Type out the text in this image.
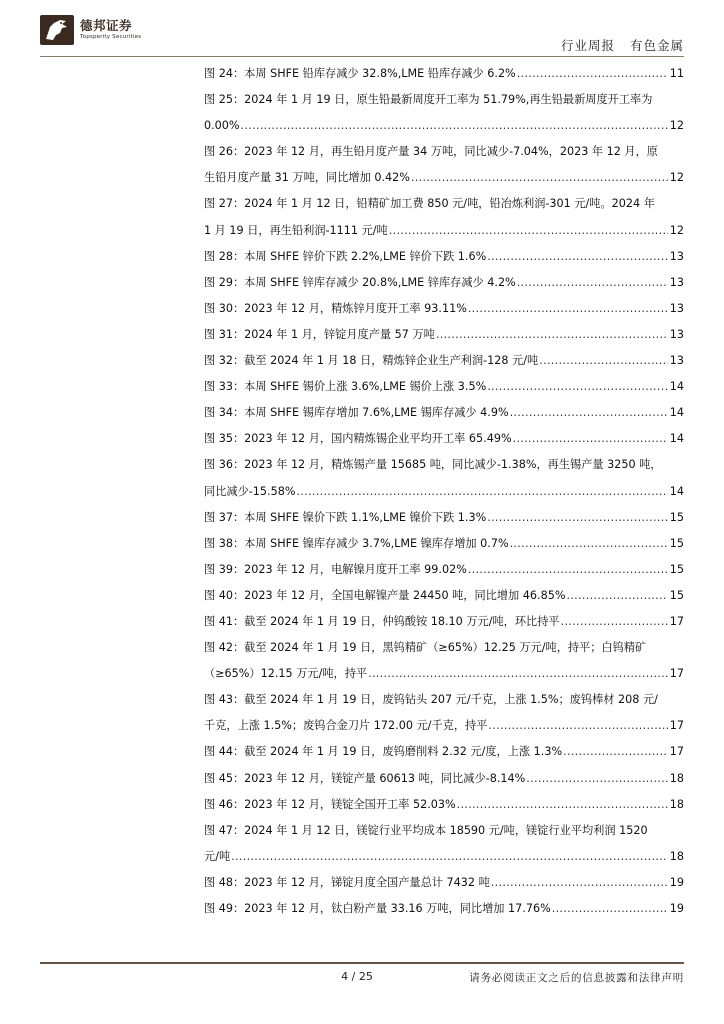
德邦证券
Topsperity Securities
行业周报 有色金属
图 24：本周 SHFE 铅库存减少 32.8%,LME 铅库存减少 6.2% .....	11
图 25：2024 年 1 月 19 日，原生铅最新周度开工率为 51.79%,再生铅最新周度开工率为
0.00% .....	12
图 26：2023 年 12 月，再生铅月度产量 34 万吨，同比减少-7.04%，2023 年 12 月，原
生铅月度产量 31 万吨，同比增加 0.42% .....	12
图 27：2024 年 1 月 12 日，铅精矿加工费 850 元/吨，铅冶炼利润-301 元/吨。2024 年
1 月 19 日，再生铅利润-1111 元/吨 .....	12
图 28：本周 SHFE 锌价下跌 2.2%,LME 锌价下跌 1.6% .....	13
图 29：本周 SHFE 锌库存减少 20.8%,LME 锌库存减少 4.2% .....	13
图 30：2023 年 12 月，精炼锌月度开工率 93.11% .....	13
图 31：2024 年 1 月，锌锭月度产量 57 万吨 .....	13
图 32：截至 2024 年 1 月 18 日，精炼锌企业生产利润-128 元/吨 .....	13
图 33：本周 SHFE 锡价上涨 3.6%,LME 锡价上涨 3.5% .....	14
图 34：本周 SHFE 锡库存增加 7.6%,LME 锡库存减少 4.9% .....	14
图 35：2023 年 12 月，国内精炼锡企业平均开工率 65.49% .....	14
图 36：2023 年 12 月，精炼锡产量 15685 吨，同比减少-1.38%，再生锡产量 3250 吨，
同比减少-15.58% .....	14
图 37：本周 SHFE 镍价下跌 1.1%,LME 镍价下跌 1.3% .....	15
图 38：本周 SHFE 镍库存减少 3.7%,LME 镍库存增加 0.7% .....	15
图 39：2023 年 12 月，电解镍月度开工率 99.02% .....	15
图 40：2023 年 12 月，全国电解镍产量 24450 吨，同比增加 46.85% .....	15
图 41：截至 2024 年 1 月 19 日，仲钨酸铵 18.10 万元/吨，环比持平 .....	17
图 42：截至 2024 年 1 月 19 日，黑钨精矿（≥65%）12.25 万元/吨，持平；白钨精矿
（≥65%）12.15 万元/吨，持平 .....	17
图 43：截至 2024 年 1 月 19 日，废钨钻头 207 元/千克，上涨 1.5%；废钨棒材 208 元/
千克，上涨 1.5%；废钨合金刀片 172.00 元/千克，持平 .....	17
图 44：截至 2024 年 1 月 19 日，废钨磨削料 2.32 元/度，上涨 1.3% .....	17
图 45：2023 年 12 月，镁锭产量 60613 吨，同比减少-8.14% .....	18
图 46：2023 年 12 月，镁锭全国开工率 52.03% .....	18
图 47：2024 年 1 月 12 日，镁锭行业平均成本 18590 元/吨，镁锭行业平均利润 1520
元/吨 .....	18
图 48：2023 年 12 月，锑锭月度全国产量总计 7432 吨 .....	19
图 49：2023 年 12 月，钛白粉产量 33.16 万吨，同比增加 17.76% .....	19
4 / 25	请务必阅读正文之后的信息披露和法律声明
